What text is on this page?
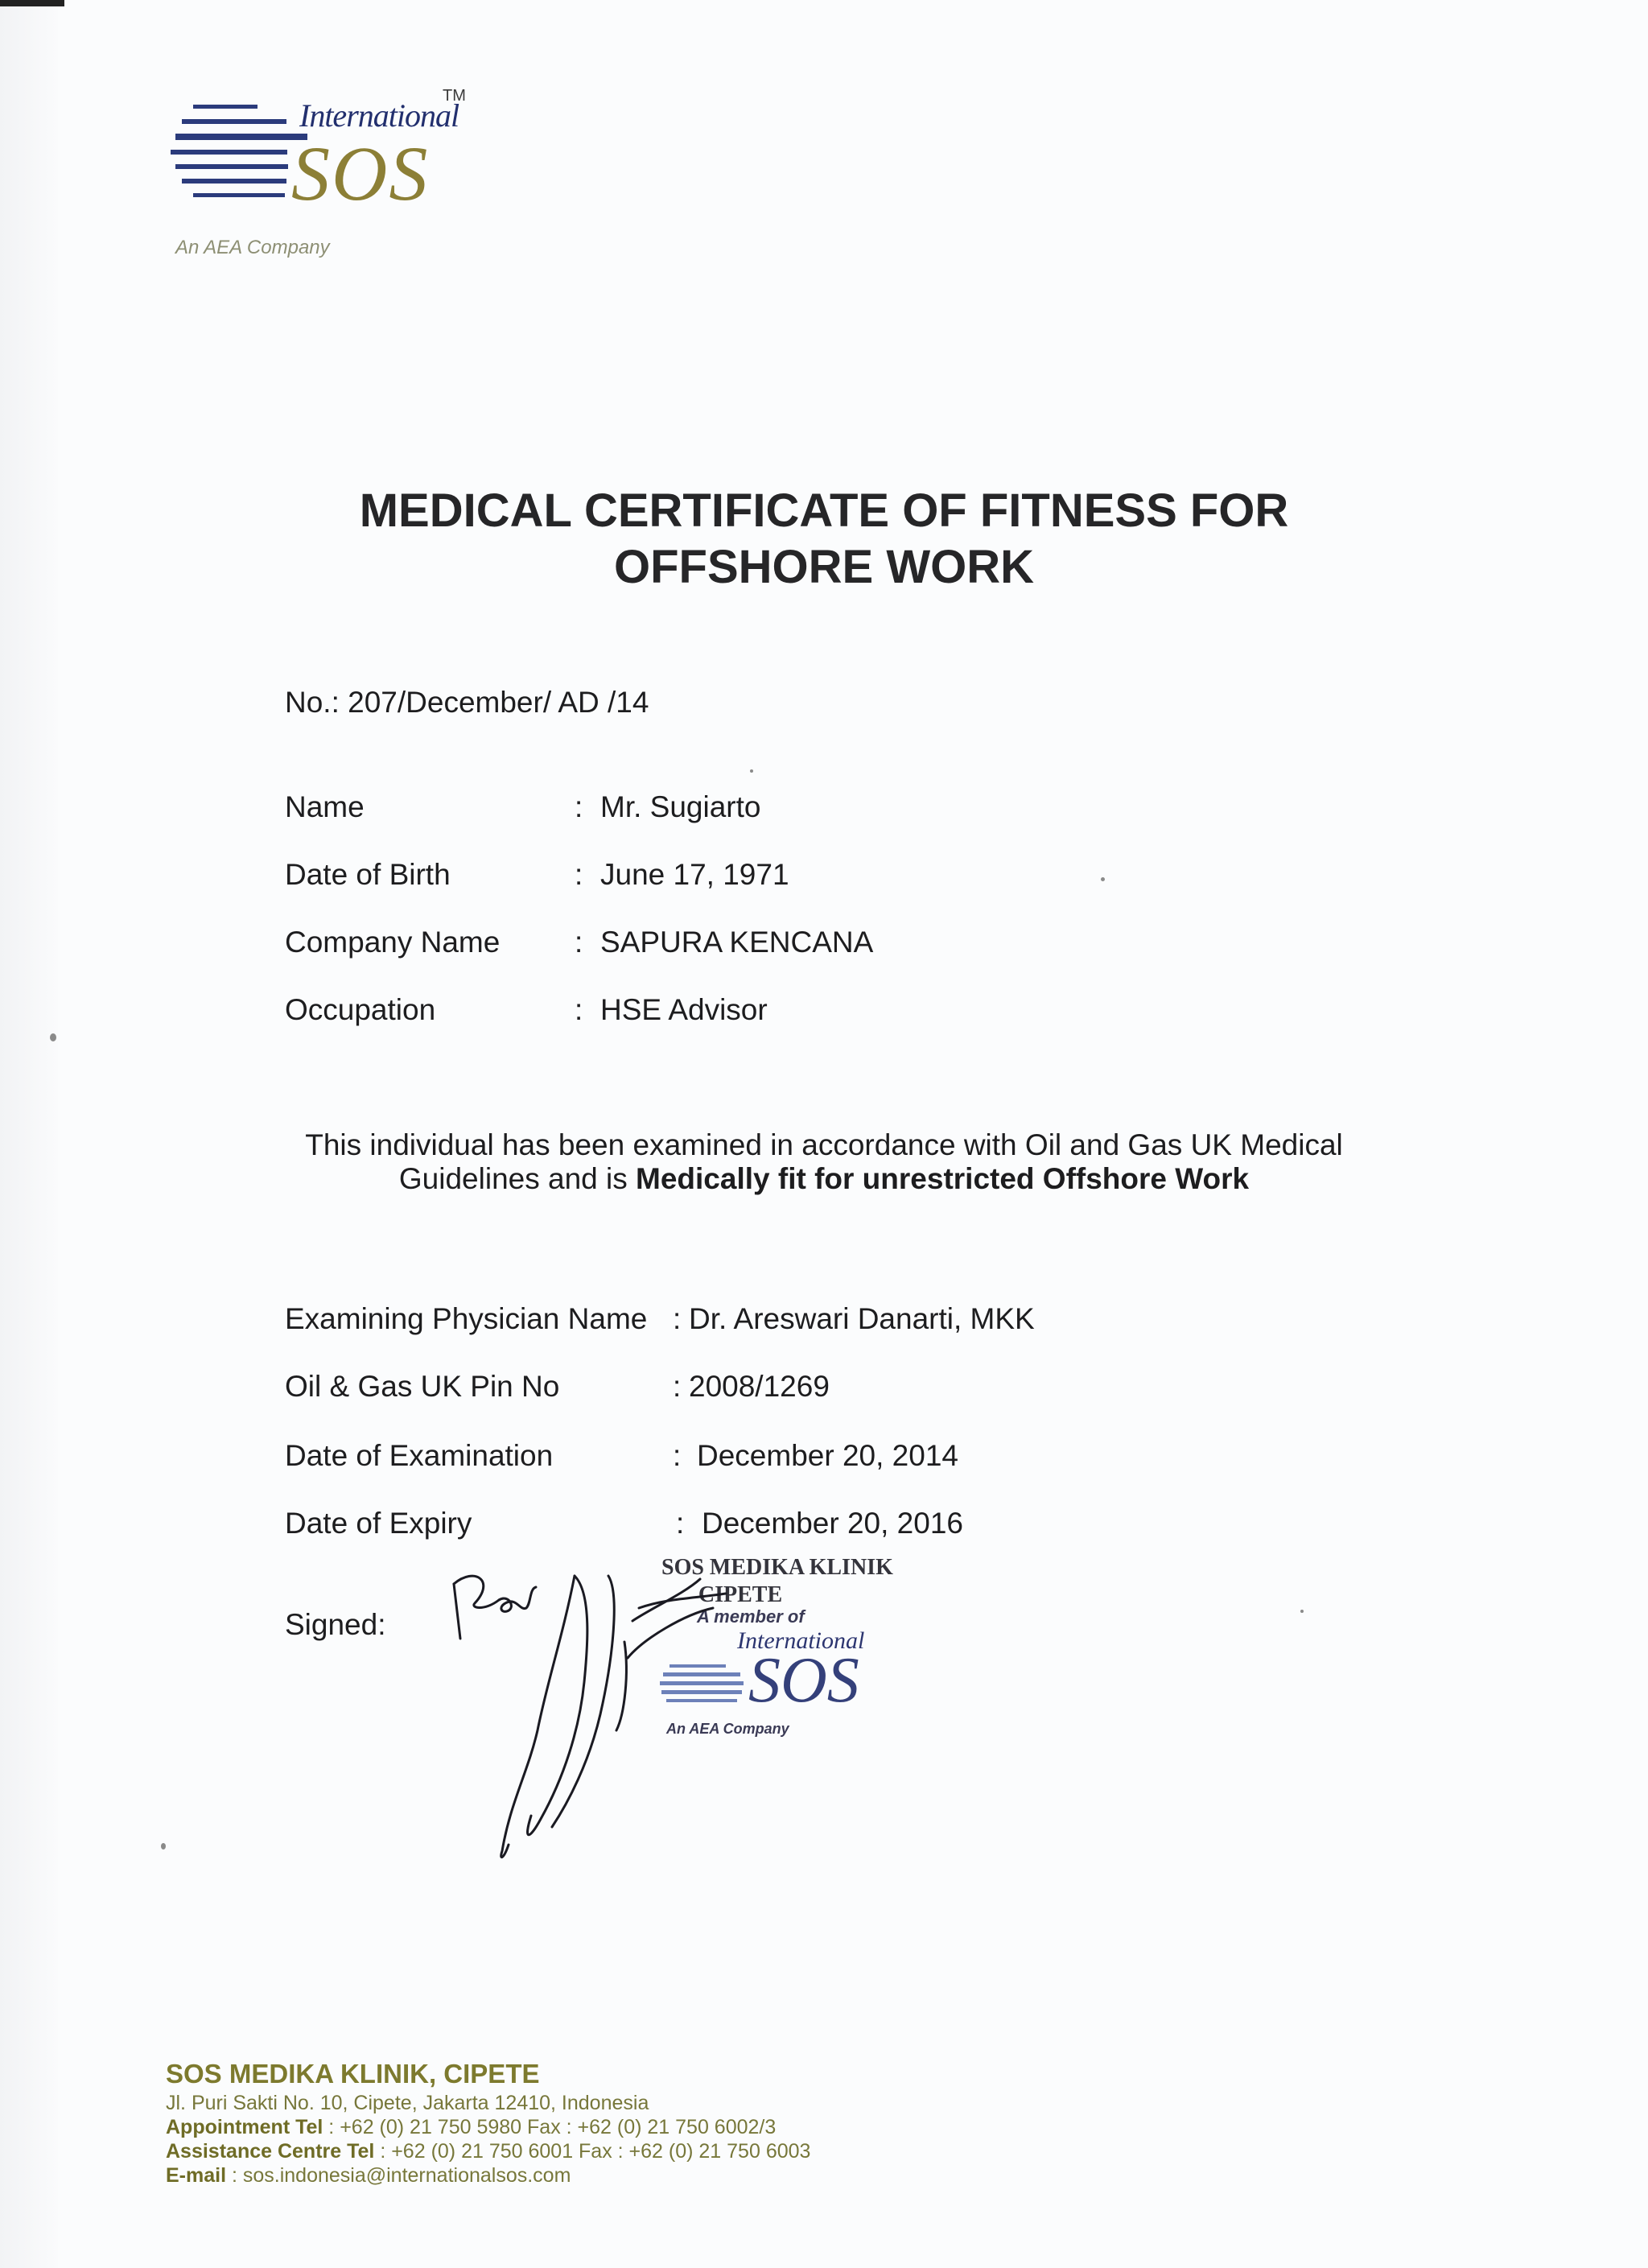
International
TM
SOS
An AEA Company
MEDICAL CERTIFICATE OF FITNESS FOR
OFFSHORE WORK
No.: 207/December/ AD /14
Name	: Mr. Sugiarto
Date of Birth	: June 17, 1971
Company Name	: SAPURA KENCANA
Occupation	: HSE Advisor
This individual has been examined in accordance with Oil and Gas UK Medical
Guidelines and is Medically fit for unrestricted Offshore Work
Examining Physician Name : Dr. Areswari Danarti, MKK
Oil & Gas UK Pin No	: 2008/1269
Date of Examination	: December 20, 2014
Date of Expiry	: December 20, 2016
Signed:
SOS MEDIKA KLINIK
CIPETE
A member of
International
SOS
An AEA Company
SOS MEDIKA KLINIK, CIPETE
Jl. Puri Sakti No. 10, Cipete, Jakarta 12410, Indonesia
Appointment Tel : +62 (0) 21 750 5980 Fax : +62 (0) 21 750 6002/3
Assistance Centre Tel : +62 (0) 21 750 6001 Fax : +62 (0) 21 750 6003
E-mail : sos.indonesia@internationalsos.com
